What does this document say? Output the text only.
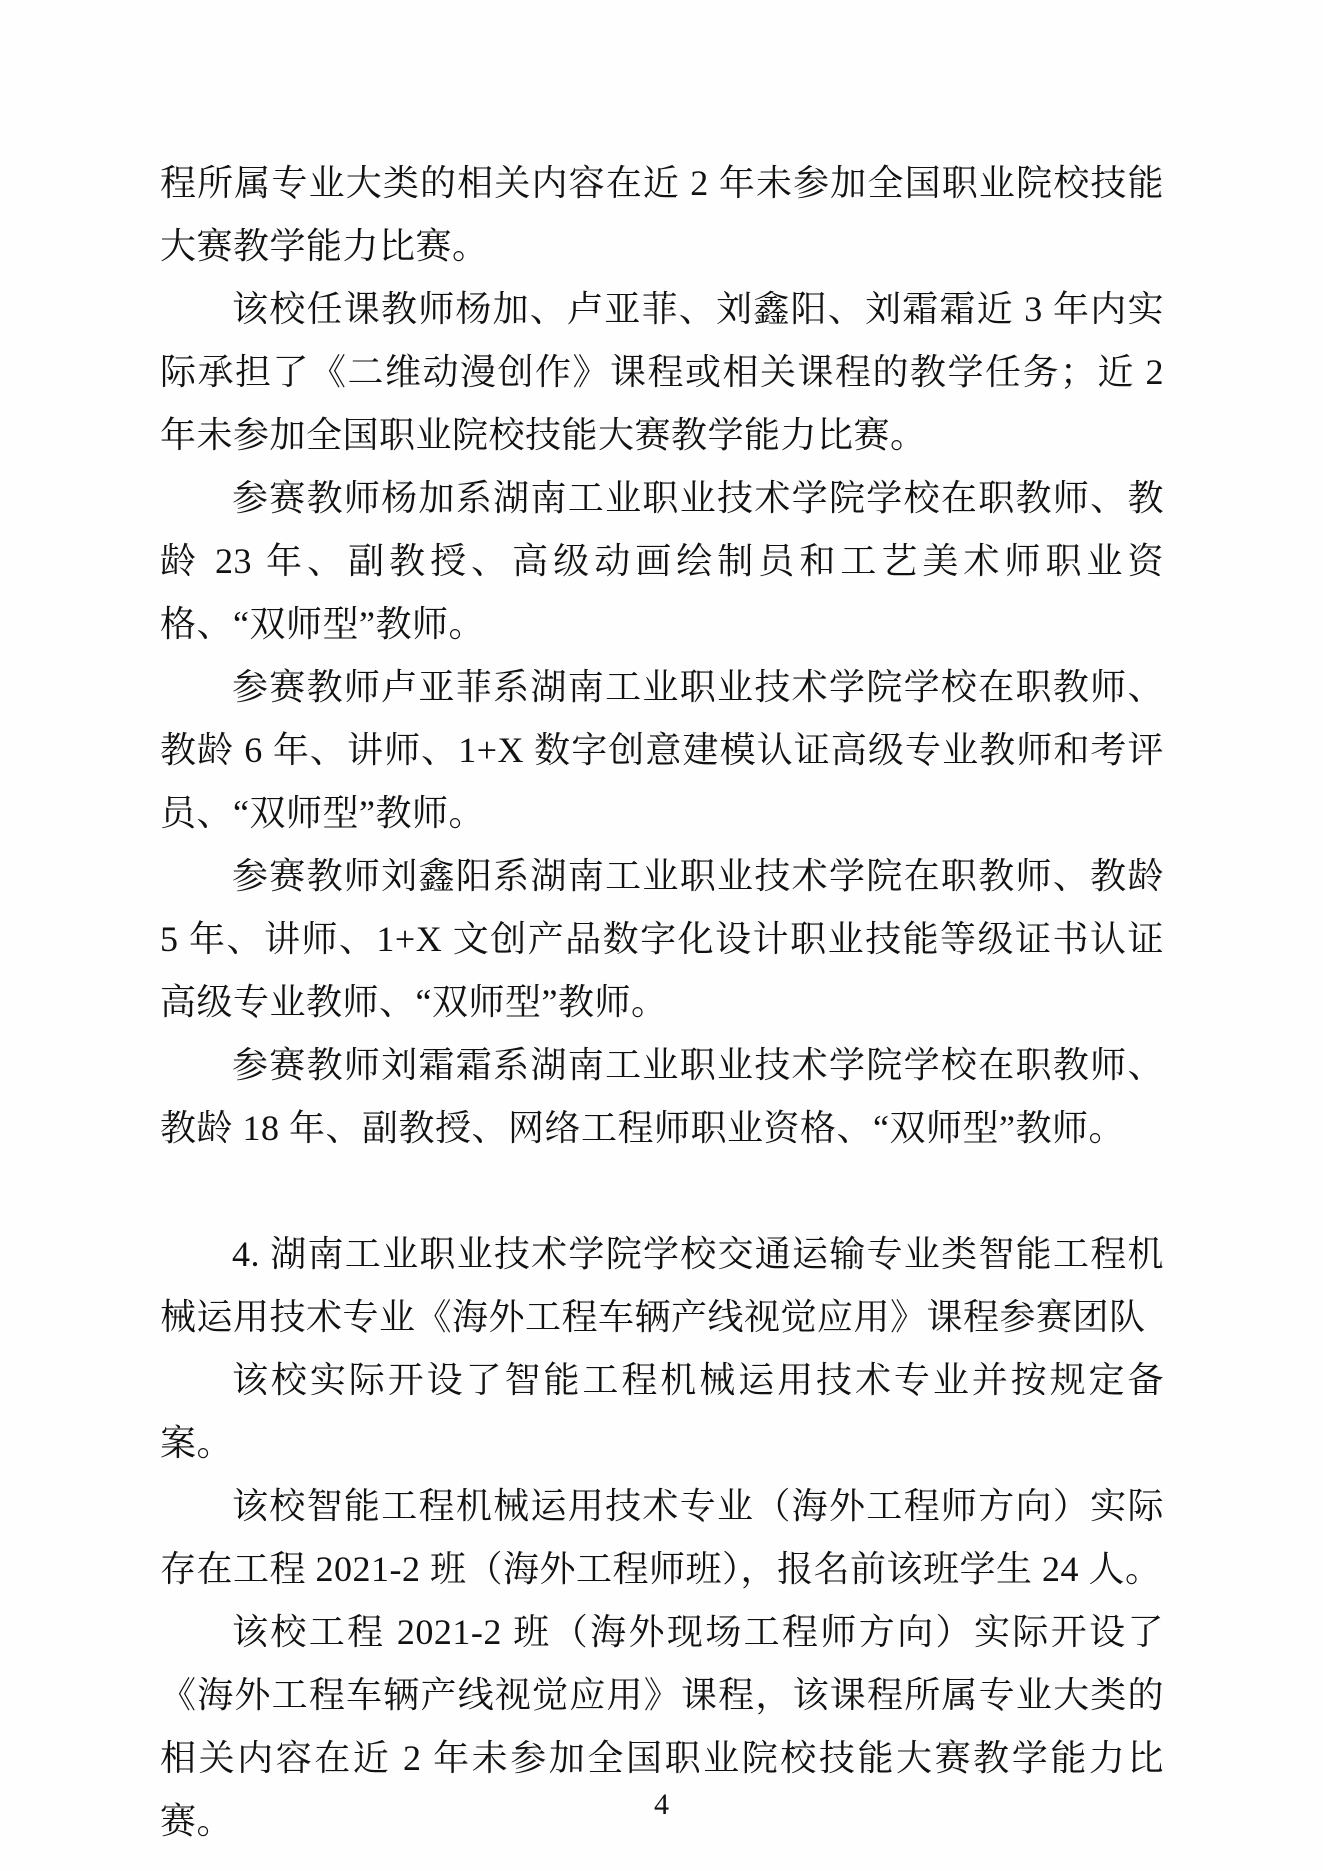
程所属专业大类的相关内容在近 2 年未参加全国职业院校技能大赛教学能力比赛。

该校任课教师杨加、卢亚菲、刘鑫阳、刘霜霜近 3 年内实际承担了《二维动漫创作》课程或相关课程的教学任务；近 2 年未参加全国职业院校技能大赛教学能力比赛。

参赛教师杨加系湖南工业职业技术学院学校在职教师、教龄 23 年、副教授、高级动画绘制员和工艺美术师职业资格、“双师型”教师。

参赛教师卢亚菲系湖南工业职业技术学院学校在职教师、教龄 6 年、讲师、1+X 数字创意建模认证高级专业教师和考评员、“双师型”教师。

参赛教师刘鑫阳系湖南工业职业技术学院在职教师、教龄 5 年、讲师、1+X 文创产品数字化设计职业技能等级证书认证高级专业教师、“双师型”教师。

参赛教师刘霜霜系湖南工业职业技术学院学校在职教师、教龄 18 年、副教授、网络工程师职业资格、“双师型”教师。

4. 湖南工业职业技术学院学校交通运输专业类智能工程机械运用技术专业《海外工程车辆产线视觉应用》课程参赛团队

该校实际开设了智能工程机械运用技术专业并按规定备案。

该校智能工程机械运用技术专业（海外工程师方向）实际存在工程 2021-2 班（海外工程师班），报名前该班学生 24 人。

该校工程 2021-2 班（海外现场工程师方向）实际开设了《海外工程车辆产线视觉应用》课程，该课程所属专业大类的相关内容在近 2 年未参加全国职业院校技能大赛教学能力比赛。	4
